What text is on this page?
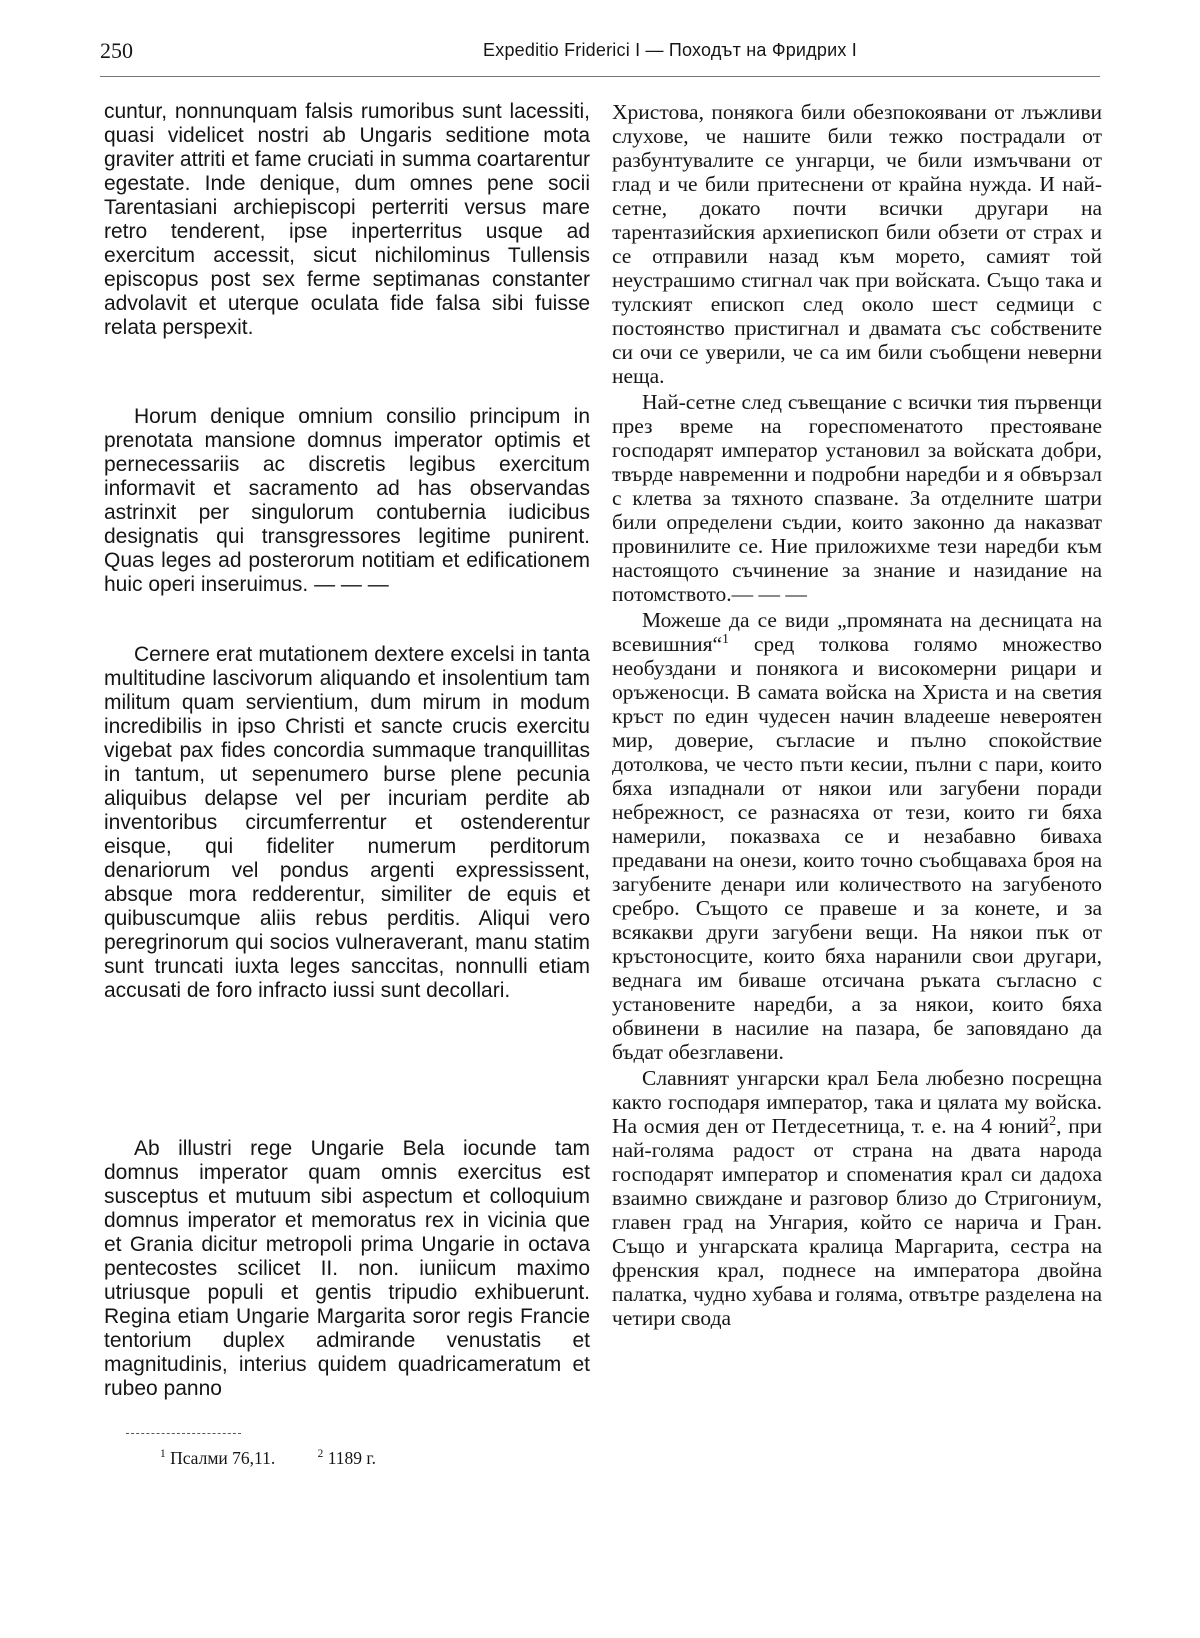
250	Expeditio Friderici I — Походът на Фридрих I

cuntur, nonnunquam falsis rumoribus sunt lacessiti, quasi videlicet nostri ab Ungaris seditione mota graviter attriti et fame cruciati in summa coartarentur egestate. Inde denique, dum omnes pene socii Tarentasiani archiepiscopi perterriti versus mare retro tenderent, ipse inperterritus usque ad exercitum accessit, sicut nichilominus Tullensis episcopus post sex ferme septimanas constanter advolavit et uterque oculata fide falsa sibi fuisse relata perspexit.

Horum denique omnium consilio principum in prenotata mansione domnus imperator optimis et pernecessariis ac discretis legibus exercitum informavit et sacramento ad has observandas astrinxit per singulorum contubernia iudicibus designatis qui transgressores legitime punirent. Quas leges ad posterorum notitiam et edificationem huic operi inseruimus. — — —

Cernere erat mutationem dextere excelsi in tanta multitudine lascivorum aliquando et insolentium tam militum quam servientium, dum mirum in modum incredibilis in ipso Christi et sancte crucis exercitu vigebat pax fides concordia summaque tranquillitas in tantum, ut sepenumero burse plene pecunia aliquibus delapse vel per incuriam perdite ab inventoribus circumferrentur et ostenderentur eisque, qui fideliter numerum perditorum denariorum vel pondus argenti expressissent, absque mora redderentur, similiter de equis et quibuscumque aliis rebus perditis. Aliqui vero peregrinorum qui socios vulneraverant, manu statim sunt truncati iuxta leges sanccitas, nonnulli etiam accusati de foro infracto iussi sunt decollari.

Ab illustri rege Ungarie Bela iocunde tam domnus imperator quam omnis exercitus est susceptus et mutuum sibi aspectum et colloquium domnus imperator et memoratus rex in vicinia que et Grania dicitur metropoli prima Ungarie in octava pentecostes scilicet II. non. iuniicum maximo utriusque populi et gentis tripudio exhibuerunt. Regina etiam Ungarie Margarita soror regis Francie tentorium duplex admirande venustatis et magnitudinis, interius quidem quadricameratum et rubeo panno

Христова, понякога били обезпокоявани от лъжливи слухове, че нашите били тежко пострадали от разбунтувалите се унгарци, че били измъчвани от глад и че били притеснени от крайна нужда. И най-сетне, докато почти всички другари на тарентазийския архиепископ били обзети от страх и се отправили назад към морето, самият той неустрашимо стигнал чак при войската. Също така и тулският епископ след около шест седмици с постоянство пристигнал и двамата със собствените си очи се уверили, че са им били съобщени неверни неща.

Най-сетне след съвещание с всички тия първенци през време на гореспоменатото престояване господарят император установил за войската добри, твърде навременни и подробни наредби и я обвързал с клетва за тяхното спазване. За отделните шатри били определени съдии, които законно да наказват провинилите се. Ние приложихме тези наредби към настоящото съчинение за знание и назидание на потомството.— — —

Можеше да се види „промяната на десницата на всевишния“$^1$ сред толкова голямо множество необуздани и понякога и високомерни рицари и оръженосци. В самата войска на Христа и на светия кръст по един чудесен начин владееше невероятен мир, доверие, съгласие и пълно спокойствие дотолкова, че често пъти кесии, пълни с пари, които бяха изпаднали от някои или загубени поради небрежност, се разнасяха от тези, които ги бяха намерили, показваха се и незабавно биваха предавани на онези, които точно съобщаваха броя на загубените денари или количеството на загубеното сребро. Същото се правеше и за конете, и за всякакви други загубени вещи. На някои пък от кръстоносците, които бяха наранили свои другари, веднага им биваше отсичана ръката съгласно с установените наредби, а за някои, които бяха обвинени в насилие на пазара, бе заповядано да бъдат обезглавени.

Славният унгарски крал Бела любезно посрещна както господаря император, така и цялата му войска. На осмия ден от Петдесетница, т. е. на 4 юний$^2$, при най-голяма радост от страна на двата народа господарят император и споменатия крал си дадоха взаимно свиждане и разговор близо до Стригониум, главен град на Унгария, който се нарича и Гран. Също и унгарската кралица Маргарита, сестра на френския крал, поднесе на императора двойна палатка, чудно хубава и голяма, отвътре разделена на четири свода

$^1$ Псалми 76,11.	$^2$ 1189 г.
